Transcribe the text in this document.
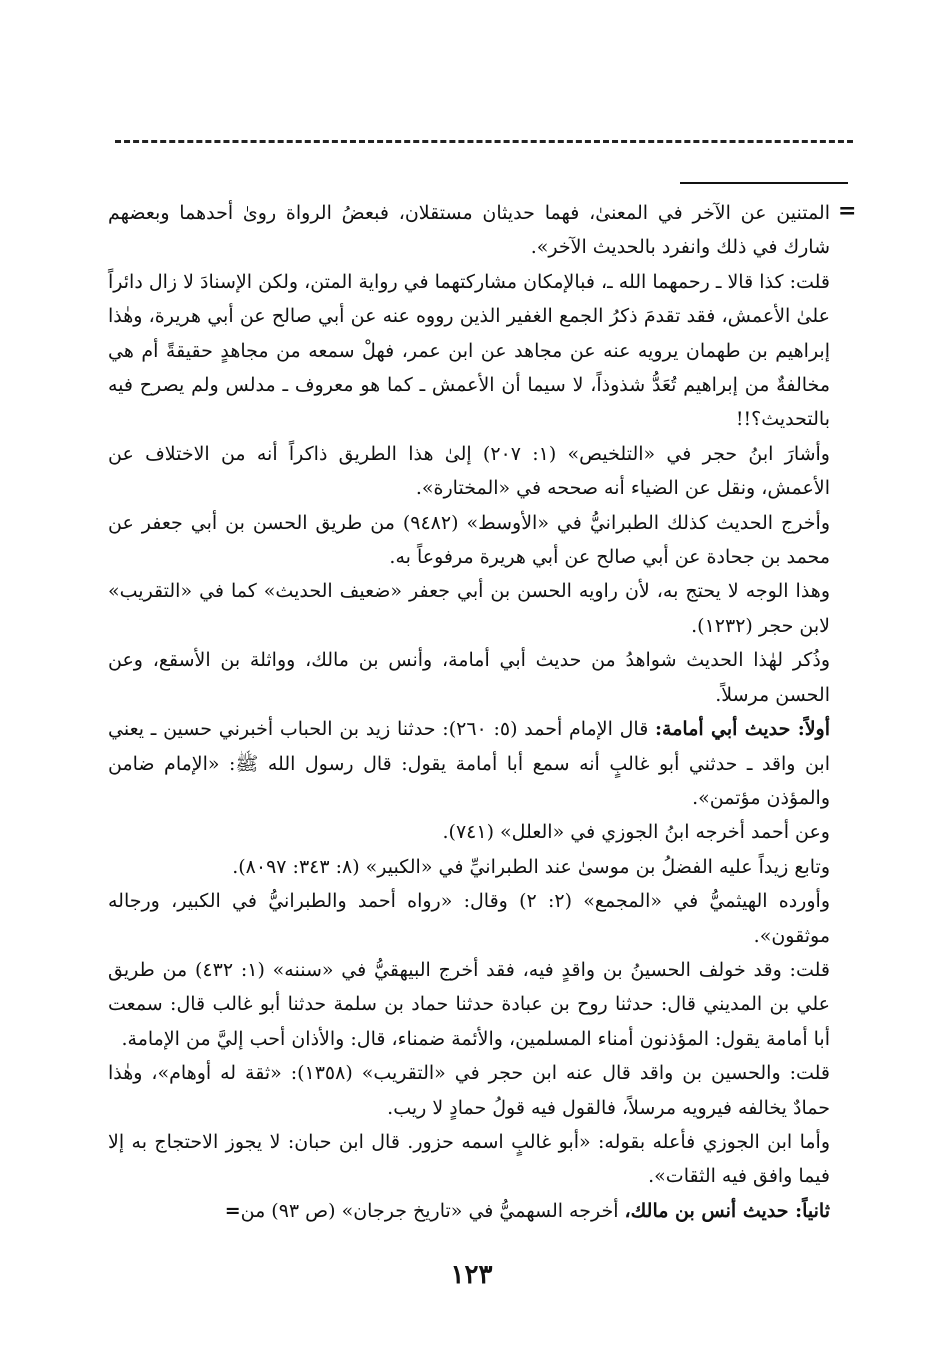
=

المتنين عن الآخر في المعنىٰ، فهما حديثان مستقلان، فبعضُ الرواة روىٰ أحدهما وبعضهم شارك في ذلك وانفرد بالحديث الآخر».

قلت: كذا قالا ـ رحمهما الله ـ، فبالإمكان مشاركتهما في رواية المتن، ولكن الإسنادَ لا زال دائراً علىٰ الأعمش، فقد تقدمَ ذكرُ الجمع الغفير الذين رووه عنه عن أبي صالح عن أبي هريرة، وهٰذا إبراهيم بن طهمان يرويه عنه عن مجاهد عن ابن عمر، فهلْ سمعه من مجاهدٍ حقيقةً أم هي مخالفةٌ من إبراهيم تُعَدُّ شذوذاً، لا سيما أن الأعمش ـ كما هو معروف ـ مدلس ولم يصرح فيه بالتحديث؟!!

وأشارَ ابنُ حجر في «التلخيص» (١: ٢٠٧) إلىٰ هذا الطريق ذاكراً أنه من الاختلاف عن الأعمش، ونقل عن الضياء أنه صححه في «المختارة».

وأخرج الحديث كذلك الطبرانيُّ في «الأوسط» (٩٤٨٢) من طريق الحسن بن أبي جعفر عن محمد بن جحادة عن أبي صالح عن أبي هريرة مرفوعاً به.

وهذا الوجه لا يحتج به، لأن راويه الحسن بن أبي جعفر «ضعيف الحديث» كما في «التقريب» لابن حجر (١٢٣٢).

وذُكر لهٰذا الحديث شواهدُ من حديث أبي أمامة، وأنس بن مالك، وواثلة بن الأسقع، وعن الحسن مرسلاً.

أولاً: حديث أبي أمامة: قال الإمام أحمد (٥: ٢٦٠): حدثنا زيد بن الحباب أخبرني حسين ـ يعني ابن واقد ـ حدثني أبو غالبٍ أنه سمع أبا أمامة يقول: قال رسول الله ﷺ: «الإمام ضامن والمؤذن مؤتمن».

وعن أحمد أخرجه ابنُ الجوزي في «العلل» (٧٤١).

وتابع زيداً عليه الفضلُ بن موسىٰ عند الطبرانيِّ في «الكبير» (٨: ٣٤٣: ٨٠٩٧).

وأورده الهيثميُّ في «المجمع» (٢: ٢) وقال: «رواه أحمد والطبرانيُّ في الكبير، ورجاله موثقون».

قلت: وقد خولف الحسينُ بن واقدٍ فيه، فقد أخرج البيهقيُّ في «سننه» (١: ٤٣٢) من طريق علي بن المديني قال: حدثنا روح بن عبادة حدثنا حماد بن سلمة حدثنا أبو غالب قال: سمعت أبا أمامة يقول: المؤذنون أمناء المسلمين، والأئمة ضمناء، قال: والأذان أحب إليَّ من الإمامة.

قلت: والحسين بن واقد قال عنه ابن حجر في «التقريب» (١٣٥٨): «ثقة له أوهام»، وهٰذا حمادٌ يخالفه فيرويه مرسلاً، فالقول فيه قولُ حمادٍ لا ريب.

وأما ابن الجوزي فأعله بقوله: «أبو غالبٍ اسمه حزور. قال ابن حبان: لا يجوز الاحتجاج به إلا فيما وافق فيه الثقات».

ثانياً: حديث أنس بن مالك، أخرجه السهميُّ في «تاريخ جرجان» (ص ٩٣) من=

١٢٣
